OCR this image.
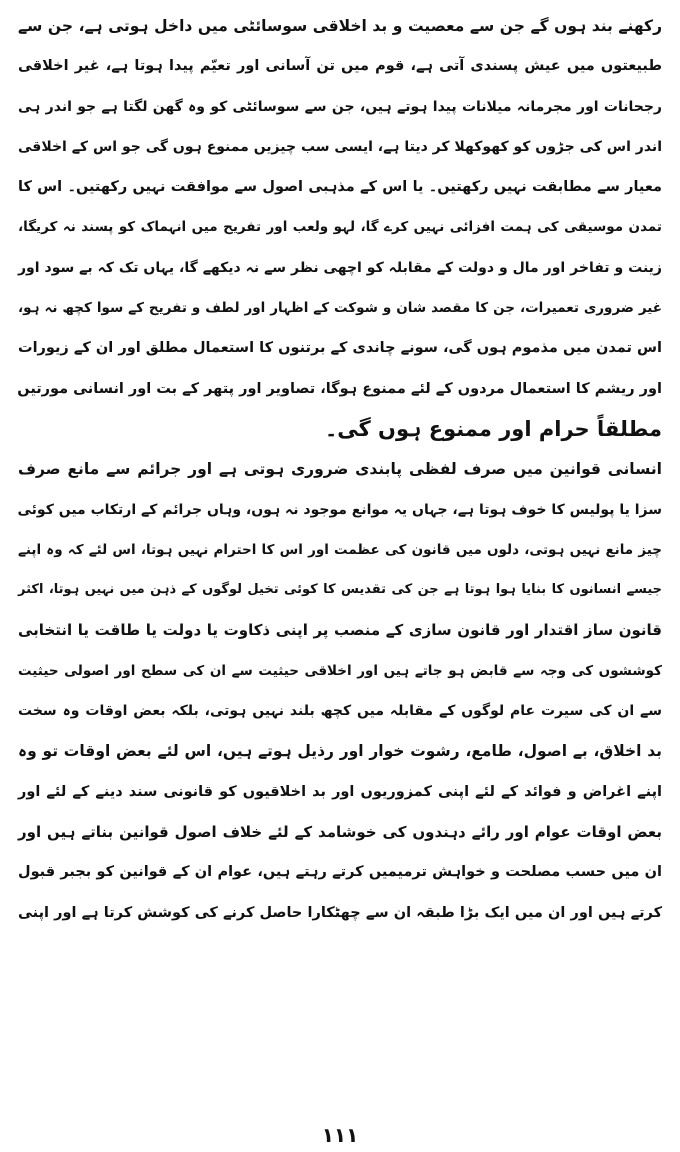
رکھنے بند ہوں گے جن سے معصیت و بد اخلاقی سوسائٹی میں داخل ہوتی ہے، جن سے
طبیعتوں میں عیش پسندی آتی ہے، قوم میں تن آسانی اور تعیّم پیدا ہوتا ہے، غیر اخلاقی
رجحانات اور مجرمانہ میلانات پیدا ہوتے ہیں، جن سے سوسائٹی کو وہ گھن لگتا ہے جو اندر ہی
اندر اس کی جڑوں کو کھوکھلا کر دیتا ہے، ایسی سب چیزیں ممنوع ہوں گی جو اس کے اخلاقی
معیار سے مطابقت نہیں رکھتیں۔ یا اس کے مذہبی اصول سے موافقت نہیں رکھتیں۔ اس کا
تمدن موسیقی کی ہمت افزائی نہیں کرے گا، لہو ولعب اور تفریح میں انہماک کو پسند نہ کریگا،
زینت و تفاخر اور مال و دولت کے مقابلہ کو اچھی نظر سے نہ دیکھے گا، یہاں تک کہ بے سود اور
غیر ضروری تعمیرات، جن کا مقصد شان و شوکت کے اظہار اور لطف و تفریح کے سوا کچھ نہ ہو،
اس تمدن میں مذموم ہوں گی، سونے چاندی کے برتنوں کا استعمال مطلق اور ان کے زیورات
اور ریشم کا استعمال مردوں کے لئے ممنوع ہوگا، تصاویر اور پتھر کے بت اور انسانی مورتیں
مطلقاً حرام اور ممنوع ہوں گی۔
انسانی قوانین میں صرف لفظی پابندی ضروری ہوتی ہے اور جرائم سے مانع صرف
سزا یا پولیس کا خوف ہوتا ہے، جہاں یہ موانع موجود نہ ہوں، وہاں جرائم کے ارتکاب میں کوئی
چیز مانع نہیں ہوتی، دلوں میں قانون کی عظمت اور اس کا احترام نہیں ہوتا، اس لئے کہ وہ اپنے
جیسے انسانوں کا بنایا ہوا ہوتا ہے جن کی تقدیس کا کوئی تخیل لوگوں کے ذہن میں نہیں ہوتا، اکثر
قانون ساز اقتدار اور قانون سازی کے منصب پر اپنی ذکاوت یا دولت یا طاقت یا انتخابی
کوششوں کی وجہ سے قابض ہو جاتے ہیں اور اخلاقی حیثیت سے ان کی سطح اور اصولی حیثیت
سے ان کی سیرت عام لوگوں کے مقابلہ میں کچھ بلند نہیں ہوتی، بلکہ بعض اوقات وہ سخت
بد اخلاق، بے اصول، طامع، رشوت خوار اور رذیل ہوتے ہیں، اس لئے بعض اوقات تو وہ
اپنے اغراض و فوائد کے لئے اپنی کمزوریوں اور بد اخلاقیوں کو قانونی سند دینے کے لئے اور
بعض اوقات عوام اور رائے دہندوں کی خوشامد کے لئے خلاف اصول قوانین بناتے ہیں اور
ان میں حسب مصلحت و خواہش ترمیمیں کرتے رہتے ہیں، عوام ان کے قوانین کو بجبر قبول
کرتے ہیں اور ان میں ایک بڑا طبقہ ان سے چھٹکارا حاصل کرنے کی کوشش کرتا ہے اور اپنی
۱۱۱
